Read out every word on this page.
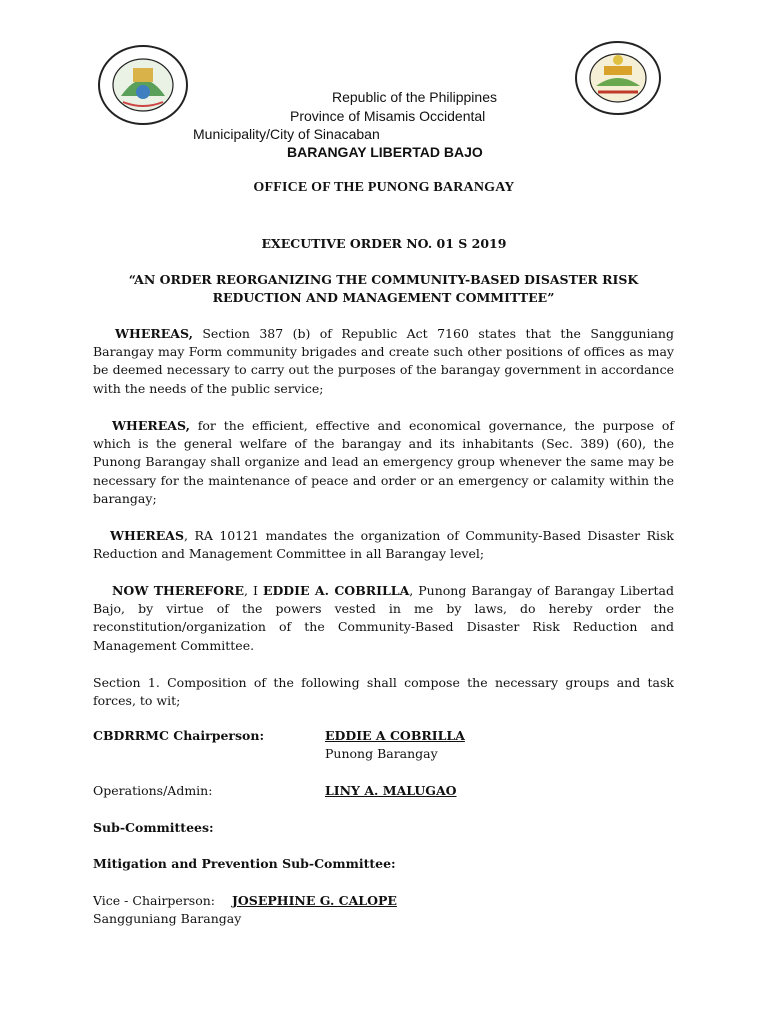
Republic of the Philippines
Province of Misamis Occidental
Municipality/City of Sinacaban
BARANGAY LIBERTAD BAJO
OFFICE OF THE PUNONG BARANGAY
EXECUTIVE ORDER NO. 01 S 2019
“AN ORDER REORGANIZING THE COMMUNITY-BASED DISASTER RISK REDUCTION AND MANAGEMENT COMMITTEE”
WHEREAS, Section 387 (b) of Republic Act 7160 states that the Sangguniang Barangay may Form community brigades and create such other positions of offices as may be deemed necessary to carry out the purposes of the barangay government in accordance with the needs of the public service;
WHEREAS, for the efficient, effective and economical governance, the purpose of which is the general welfare of the barangay and its inhabitants (Sec. 389) (60), the Punong Barangay shall organize and lead an emergency group whenever the same may be necessary for the maintenance of peace and order or an emergency or calamity within the barangay;
WHEREAS, RA 10121 mandates the organization of Community-Based Disaster Risk Reduction and Management Committee in all Barangay level;
NOW THEREFORE, I EDDIE A. COBRILLA, Punong Barangay of Barangay Libertad Bajo, by virtue of the powers vested in me by laws, do hereby order the reconstitution/organization of the Community-Based Disaster Risk Reduction and Management Committee.
Section 1. Composition of the following shall compose the necessary groups and task forces, to wit;
CBDRRMC Chairperson:	EDDIE A COBRILLA
Punong Barangay
Operations/Admin:	LINY A. MALUGAO
Sub-Committees:
Mitigation and Prevention Sub-Committee:
Vice - Chairperson: JOSEPHINE G. CALOPE
Sangguniang Barangay
